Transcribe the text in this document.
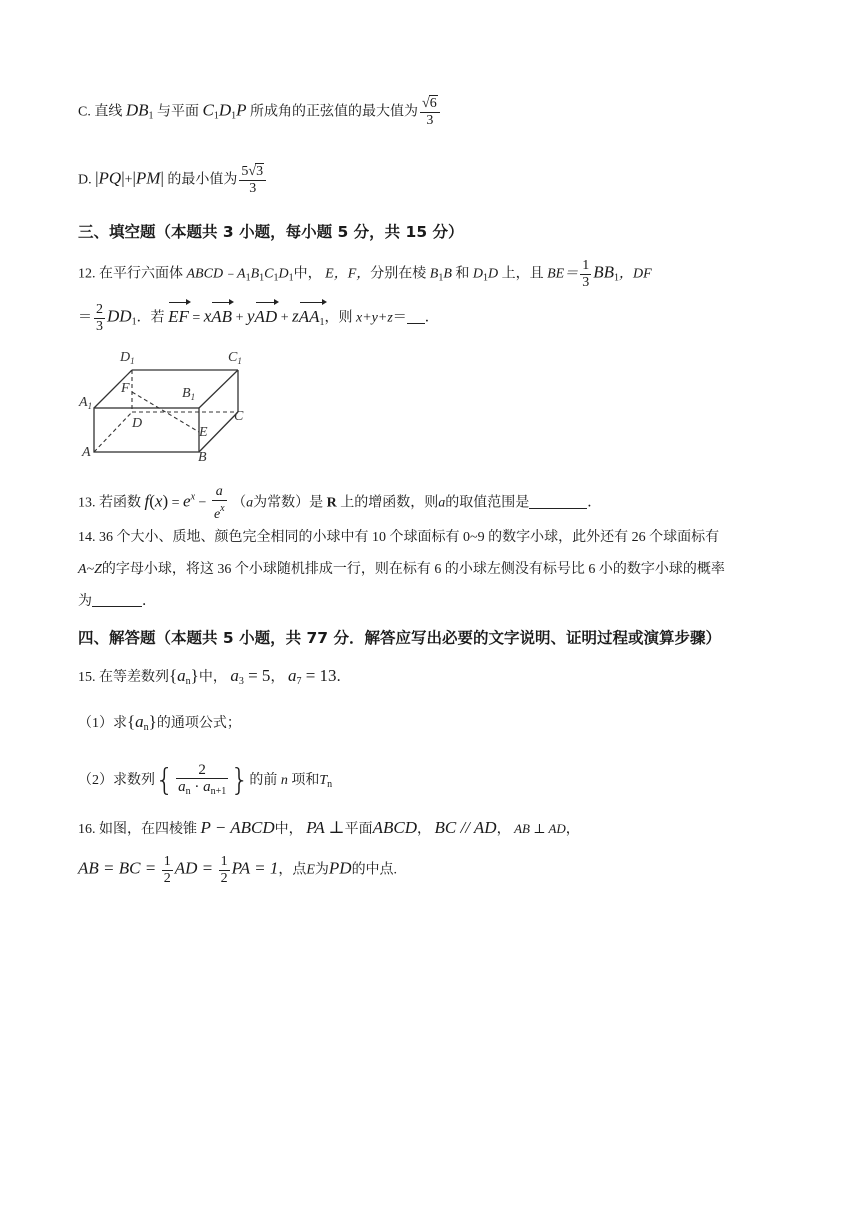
C. 直线 $DB_1$ 与平面 $C_1D_1P$ 所成角的正弦值的最大值为 $\frac{√6}{3}$
D. |PQ|+|PM| 的最小值为 $\frac{5√3}{3}$
三、填空题（本题共 3 小题，每小题 5 分，共 15 分）
12. 在平行六面体 $ABCD﹣A_1B_1C_1D_1$中， E，F，分别在棱 $B_1B$ 和 $D_1D$ 上，且 $BE= \frac{1}{3} BB_1$，DF
＝ $\frac{2}{3} DD_1$．若 EF = xAB + yAD + zAA$_1$，则 x+y+z＝ ．
$D_1$	$C_1$
$A_1$
$B_1$
F
D	C
E
A	B
13. 若函数 $f(x) = e^x - \frac{a}{e^x} (a$为常数）是 R 上的增函数，则a的取值范围是	．
14. 36 个大小、质地、颜色完全相同的小球中有 10 个球面标有 0~9 的数字小球，此外还有 26 个球面标有
A~Z的字母小球，将这 36 个小球随机排成一行，则在标有 6 的小球左侧没有标号比 6 小的数字小球的概率
为	．
四、解答题（本题共 5 小题，共 77 分．解答应写出必要的文字说明、证明过程或演算步骤）
15. 在等差数列$\{a_n\}$中， $a_3 = 5$， $a_7 = 13$．
（1）求$\{a_n\}$的通项公式；
（2）求数列{ $\frac{2}{a_n \cdot a_{n+1}}$ }的前 n 项和$T_n$
16. 如图，在四棱锥 P − ABCD中， PA ⊥平面ABCD， BC // AD， AB ⊥ AD，
AB = BC = $\frac{1}{2}$ AD = $\frac{1}{2}$ PA = 1，点E为PD的中点.
